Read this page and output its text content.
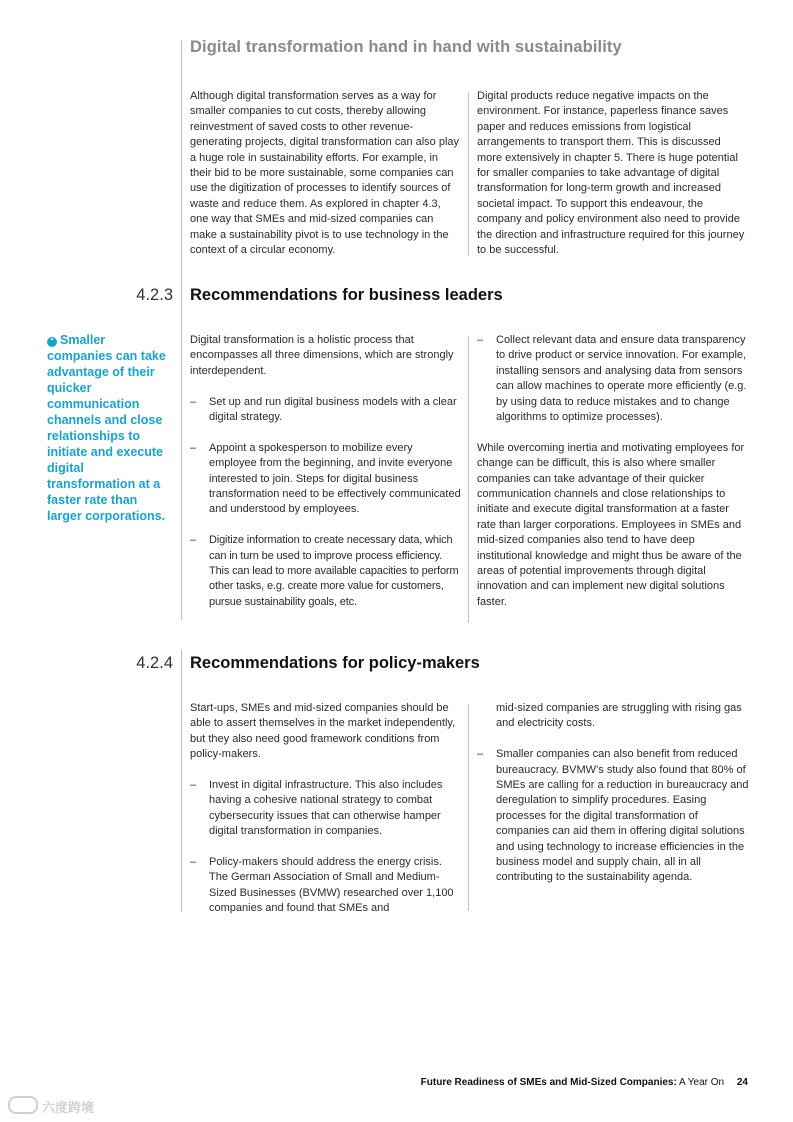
Digital transformation hand in hand with sustainability

Although digital transformation serves as a way for smaller companies to cut costs, thereby allowing reinvestment of saved costs to other revenue-generating projects, digital transformation can also play a huge role in sustainability efforts. For example, in their bid to be more sustainable, some companies can use the digitization of processes to identify sources of waste and reduce them. As explored in chapter 4.3, one way that SMEs and mid-sized companies can make a sustainability pivot is to use technology in the context of a circular economy.

Digital products reduce negative impacts on the environment. For instance, paperless finance saves paper and reduces emissions from logistical arrangements to transport them. This is discussed more extensively in chapter 5. There is huge potential for smaller companies to take advantage of digital transformation for long-term growth and increased societal impact. To support this endeavour, the company and policy environment also need to provide the direction and infrastructure required for this journey to be successful.

4.2.3 Recommendations for business leaders
“ Smaller companies can take advantage of their quicker communication channels and close relationships to initiate and execute digital transformation at a faster rate than larger corporations.

Digital transformation is a holistic process that encompasses all three dimensions, which are strongly interdependent.

– Set up and run digital business models with a clear digital strategy.

– Appoint a spokesperson to mobilize every employee from the beginning, and invite everyone interested to join. Steps for digital business transformation need to be effectively communicated and understood by employees.

– Digitize information to create necessary data, which can in turn be used to improve process efficiency. This can lead to more available capacities to perform other tasks, e.g. create more value for customers, pursue sustainability goals, etc.

– Collect relevant data and ensure data transparency to drive product or service innovation. For example, installing sensors and analysing data from sensors can allow machines to operate more efficiently (e.g. by using data to reduce mistakes and to change algorithms to optimize processes).

While overcoming inertia and motivating employees for change can be difficult, this is also where smaller companies can take advantage of their quicker communication channels and close relationships to initiate and execute digital transformation at a faster rate than larger corporations. Employees in SMEs and mid-sized companies also tend to have deep institutional knowledge and might thus be aware of the areas of potential improvements through digital innovation and can implement new digital solutions faster.

4.2.4 Recommendations for policy-makers

Start-ups, SMEs and mid-sized companies should be able to assert themselves in the market independently, but they also need good framework conditions from policy-makers.

– Invest in digital infrastructure. This also includes having a cohesive national strategy to combat cybersecurity issues that can otherwise hamper digital transformation in companies.

– Policy-makers should address the energy crisis. The German Association of Small and Medium-Sized Businesses (BVMW) researched over 1,100 companies and found that SMEs and

mid-sized companies are struggling with rising gas and electricity costs.

– Smaller companies can also benefit from reduced bureaucracy. BVMW’s study also found that 80% of SMEs are calling for a reduction in bureaucracy and deregulation to simplify procedures. Easing processes for the digital transformation of companies can aid them in offering digital solutions and using technology to increase efficiencies in the business model and supply chain, all in all contributing to the sustainability agenda.

Future Readiness of SMEs and Mid-Sized Companies: A Year On 24
六度跨境
